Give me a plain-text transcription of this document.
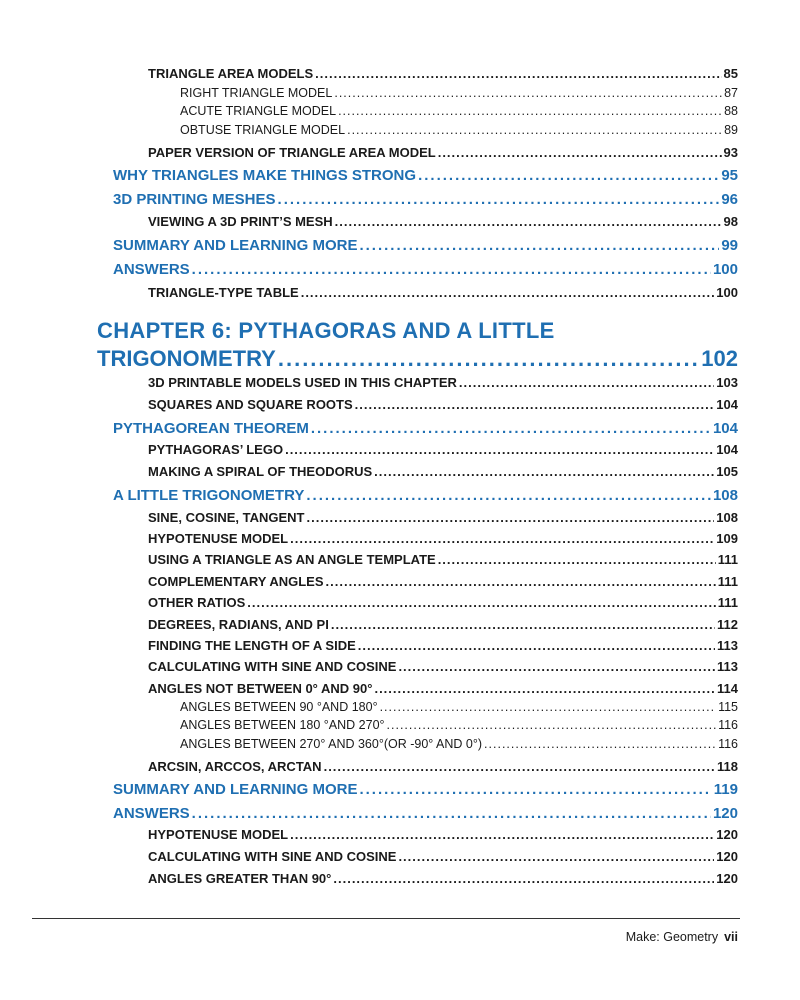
TRIANGLE AREA MODELS .....	85
RIGHT TRIANGLE MODEL .....	87
ACUTE TRIANGLE MODEL .....	88
OBTUSE TRIANGLE MODEL .....	89
PAPER VERSION OF TRIANGLE AREA MODEL .....	93
WHY TRIANGLES MAKE THINGS STRONG .....	95
3D PRINTING MESHES .....	96
VIEWING A 3D PRINT’S MESH .....	98
SUMMARY AND LEARNING MORE .....	99
ANSWERS .....	100
TRIANGLE-TYPE TABLE .....	100
CHAPTER 6: PYTHAGORAS AND A LITTLE
TRIGONOMETRY .....	102
3D PRINTABLE MODELS USED IN THIS CHAPTER .....	103
SQUARES AND SQUARE ROOTS .....	104
PYTHAGOREAN THEOREM .....	104
PYTHAGORAS’ LEGO .....	104
MAKING A SPIRAL OF THEODORUS .....	105
A LITTLE TRIGONOMETRY .....	108
SINE, COSINE, TANGENT .....	108
HYPOTENUSE MODEL .....	109
USING A TRIANGLE AS AN ANGLE TEMPLATE .....	111
COMPLEMENTARY ANGLES .....	111
OTHER RATIOS .....	111
DEGREES, RADIANS, AND PI .....	112
FINDING THE LENGTH OF A SIDE .....	113
CALCULATING WITH SINE AND COSINE .....	113
ANGLES NOT BETWEEN 0° AND 90° .....	114
ANGLES BETWEEN 90 °AND 180° .....	115
ANGLES BETWEEN 180 °AND 270° .....	116
ANGLES BETWEEN 270° AND 360°(OR -90° AND 0°) .....	116
ARCSIN, ARCCOS, ARCTAN .....	118
SUMMARY AND LEARNING MORE .....	119
ANSWERS .....	120
HYPOTENUSE MODEL .....	120
CALCULATING WITH SINE AND COSINE .....	120
ANGLES GREATER THAN 90° .....	120
Make: Geometry vii
